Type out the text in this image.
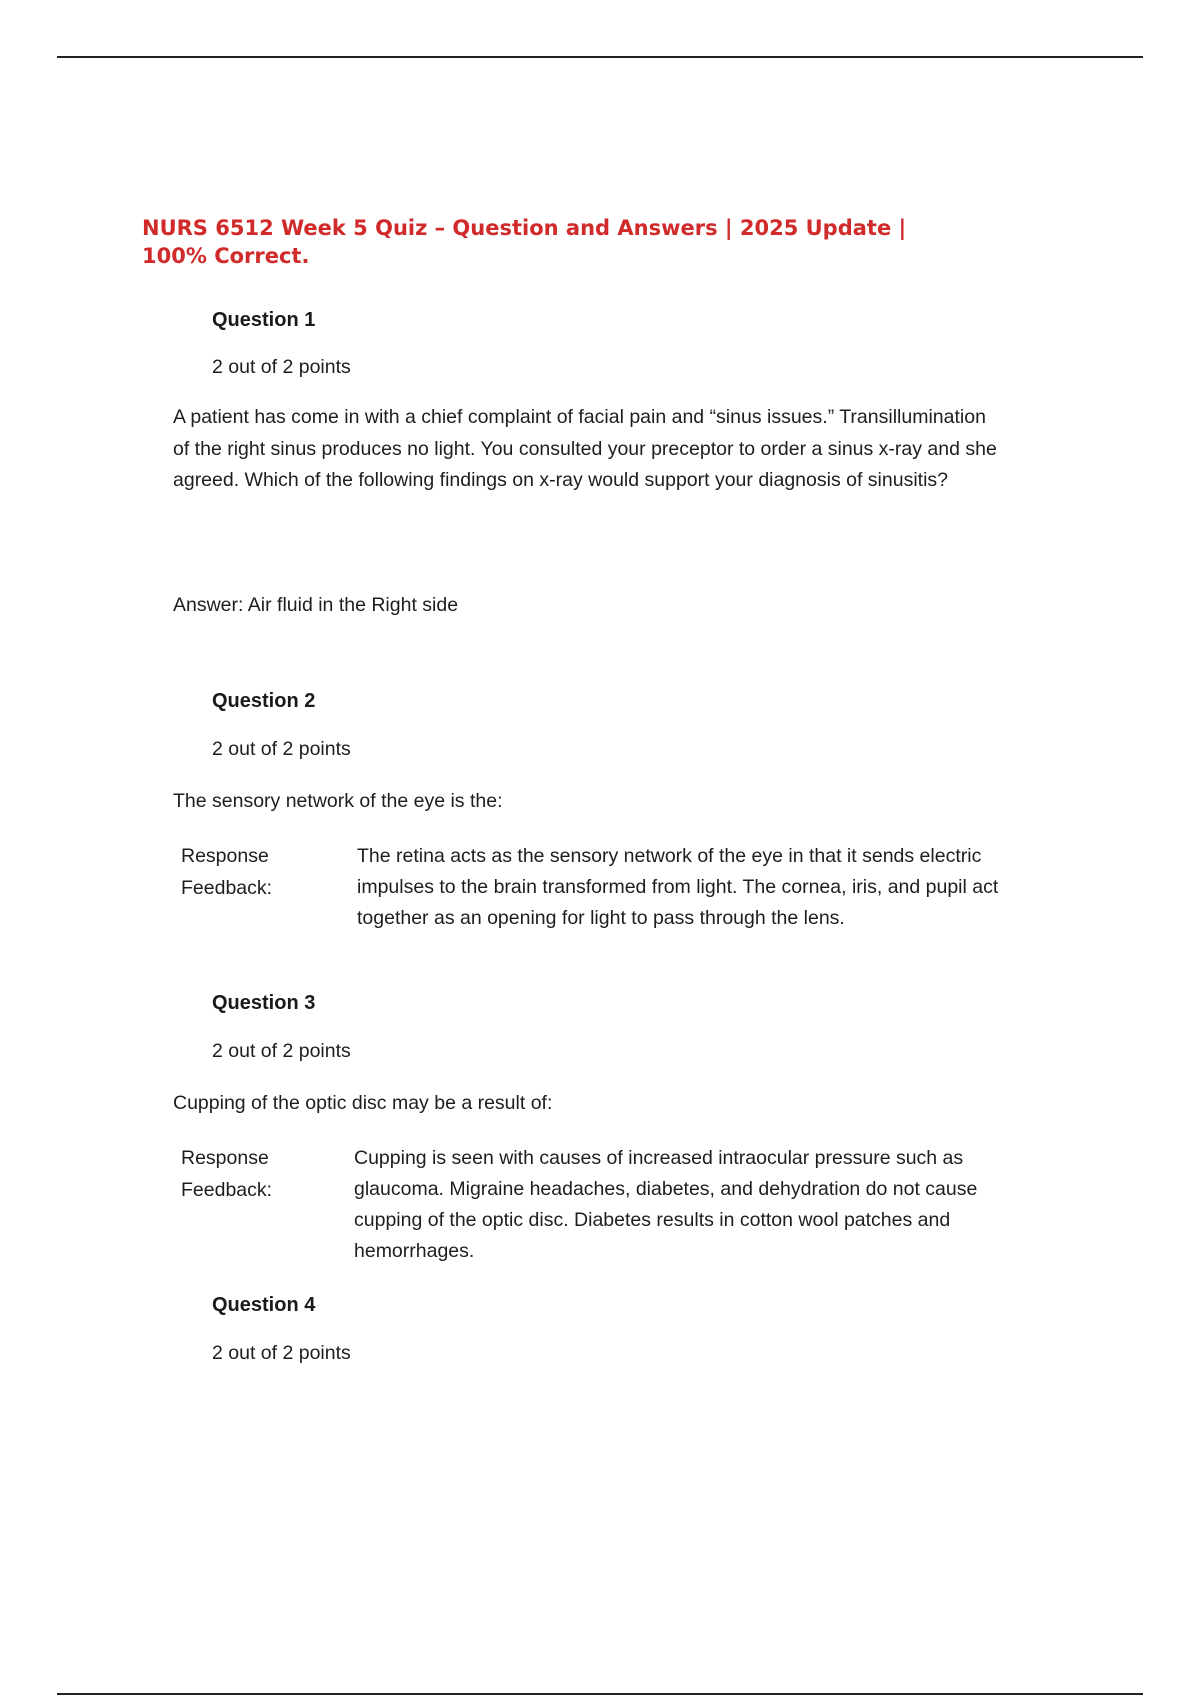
NURS 6512 Week 5 Quiz – Question and Answers | 2025 Update | 100% Correct.

Question 1

2 out of 2 points

A patient has come in with a chief complaint of facial pain and “sinus issues.” Transillumination of the right sinus produces no light. You consulted your preceptor to order a sinus x-ray and she agreed. Which of the following findings on x-ray would support your diagnosis of sinusitis?

Answer: Air fluid in the Right side

Question 2

2 out of 2 points

The sensory network of the eye is the:

Response

Feedback:

The retina acts as the sensory network of the eye in that it sends electric impulses to the brain transformed from light. The cornea, iris, and pupil act together as an opening for light to pass through the lens.

Question 3

2 out of 2 points

Cupping of the optic disc may be a result of:

Response

Feedback:

Cupping is seen with causes of increased intraocular pressure such as glaucoma. Migraine headaches, diabetes, and dehydration do not cause cupping of the optic disc. Diabetes results in cotton wool patches and hemorrhages.

Question 4

2 out of 2 points
